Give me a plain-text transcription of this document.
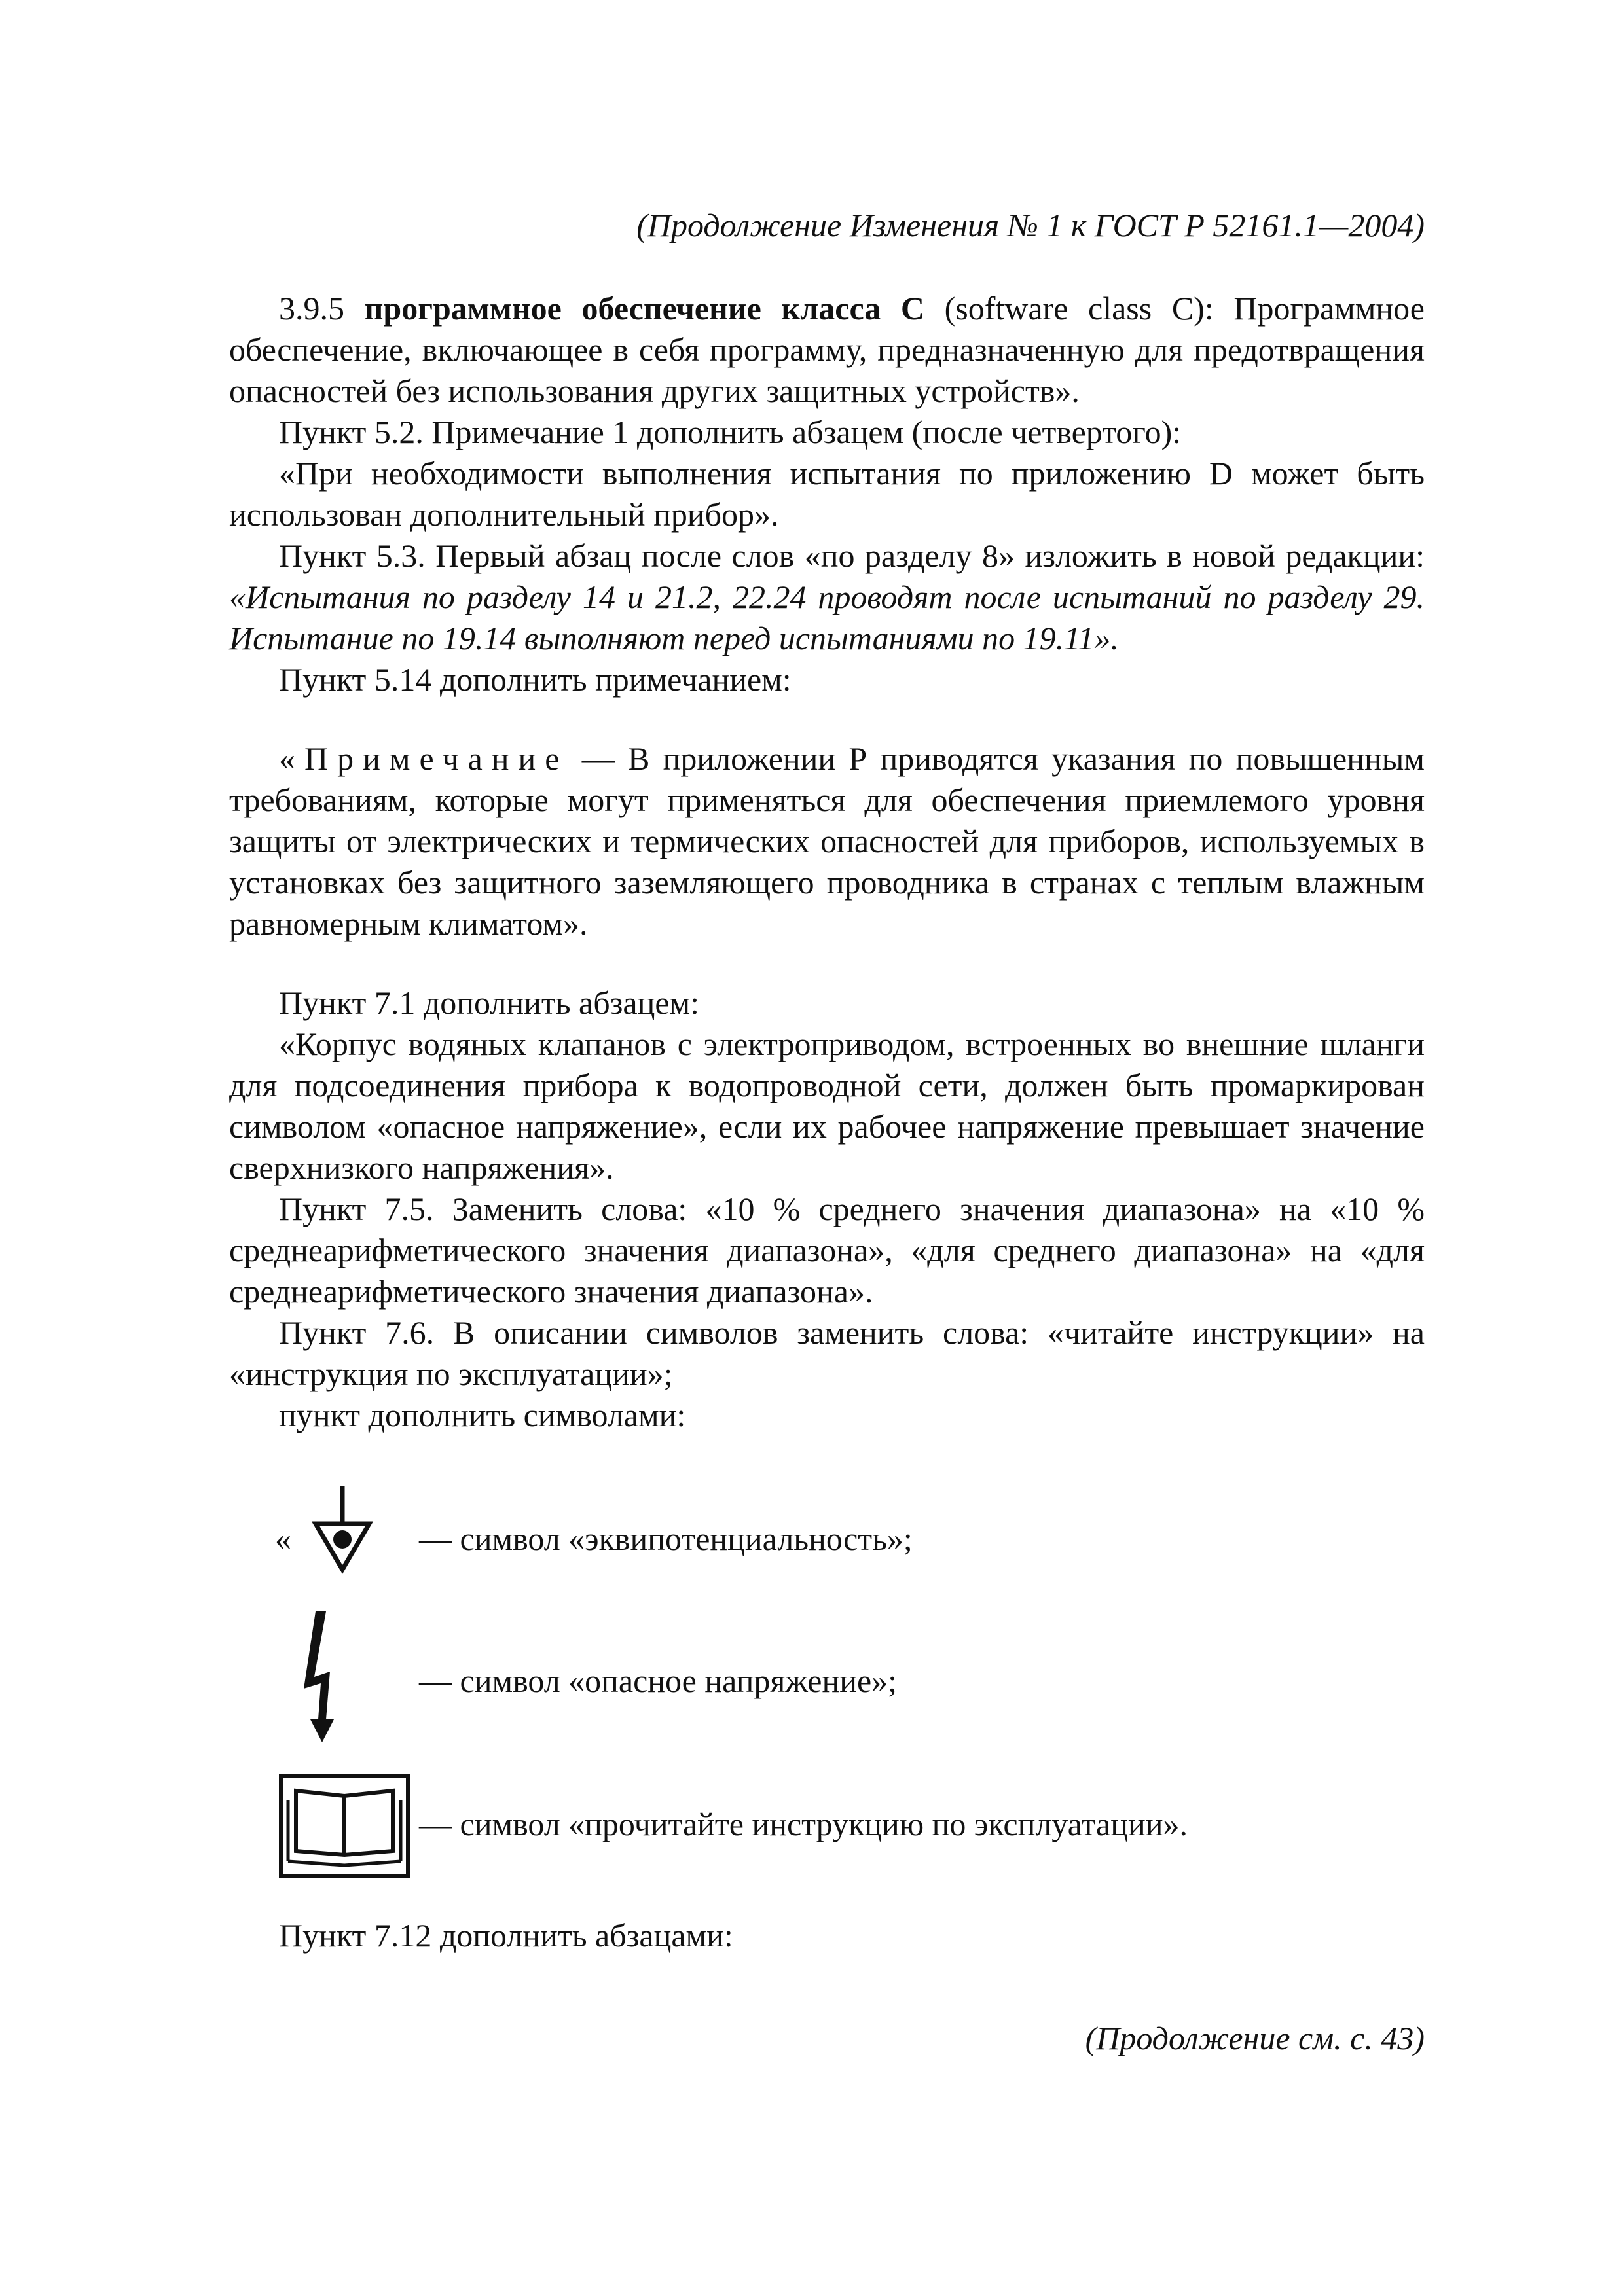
(Продолжение Изменения № 1 к ГОСТ Р 52161.1—2004)

3.9.5 программное обеспечение класса С (software class С): Программное обеспечение, включающее в себя программу, предназначенную для предотвращения опасностей без использования других защитных устройств».

Пункт 5.2. Примечание 1 дополнить абзацем (после четвертого):

«При необходимости выполнения испытания по приложению D может быть использован дополнительный прибор».

Пункт 5.3. Первый абзац после слов «по разделу 8» изложить в новой редакции: «Испытания по разделу 14 и 21.2, 22.24 проводят после испытаний по разделу 29. Испытание по 19.14 выполняют перед испытаниями по 19.11».

Пункт 5.14 дополнить примечанием:

«Примечание — В приложении Р приводятся указания по повышенным требованиям, которые могут применяться для обеспечения приемлемого уровня защиты от электрических и термических опасностей для приборов, используемых в установках без защитного заземляющего проводника в странах с теплым влажным равномерным климатом».

Пункт 7.1 дополнить абзацем:

«Корпус водяных клапанов с электроприводом, встроенных во внешние шланги для подсоединения прибора к водопроводной сети, должен быть промаркирован символом «опасное напряжение», если их рабочее напряжение превышает значение сверхнизкого напряжения».

Пункт 7.5. Заменить слова: «10 % среднего значения диапазона» на «10 % среднеарифметического значения диапазона», «для среднего диапазона» на «для среднеарифметического значения диапазона».

Пункт 7.6. В описании символов заменить слова: «читайте инструкции» на «инструкция по эксплуатации»;

пункт дополнить символами:

«	— символ «эквипотенциальность»;
— символ «опасное напряжение»;
— символ «прочитайте инструкцию по эксплуатации».
Пункт 7.12 дополнить абзацами:
(Продолжение см. с. 43)
